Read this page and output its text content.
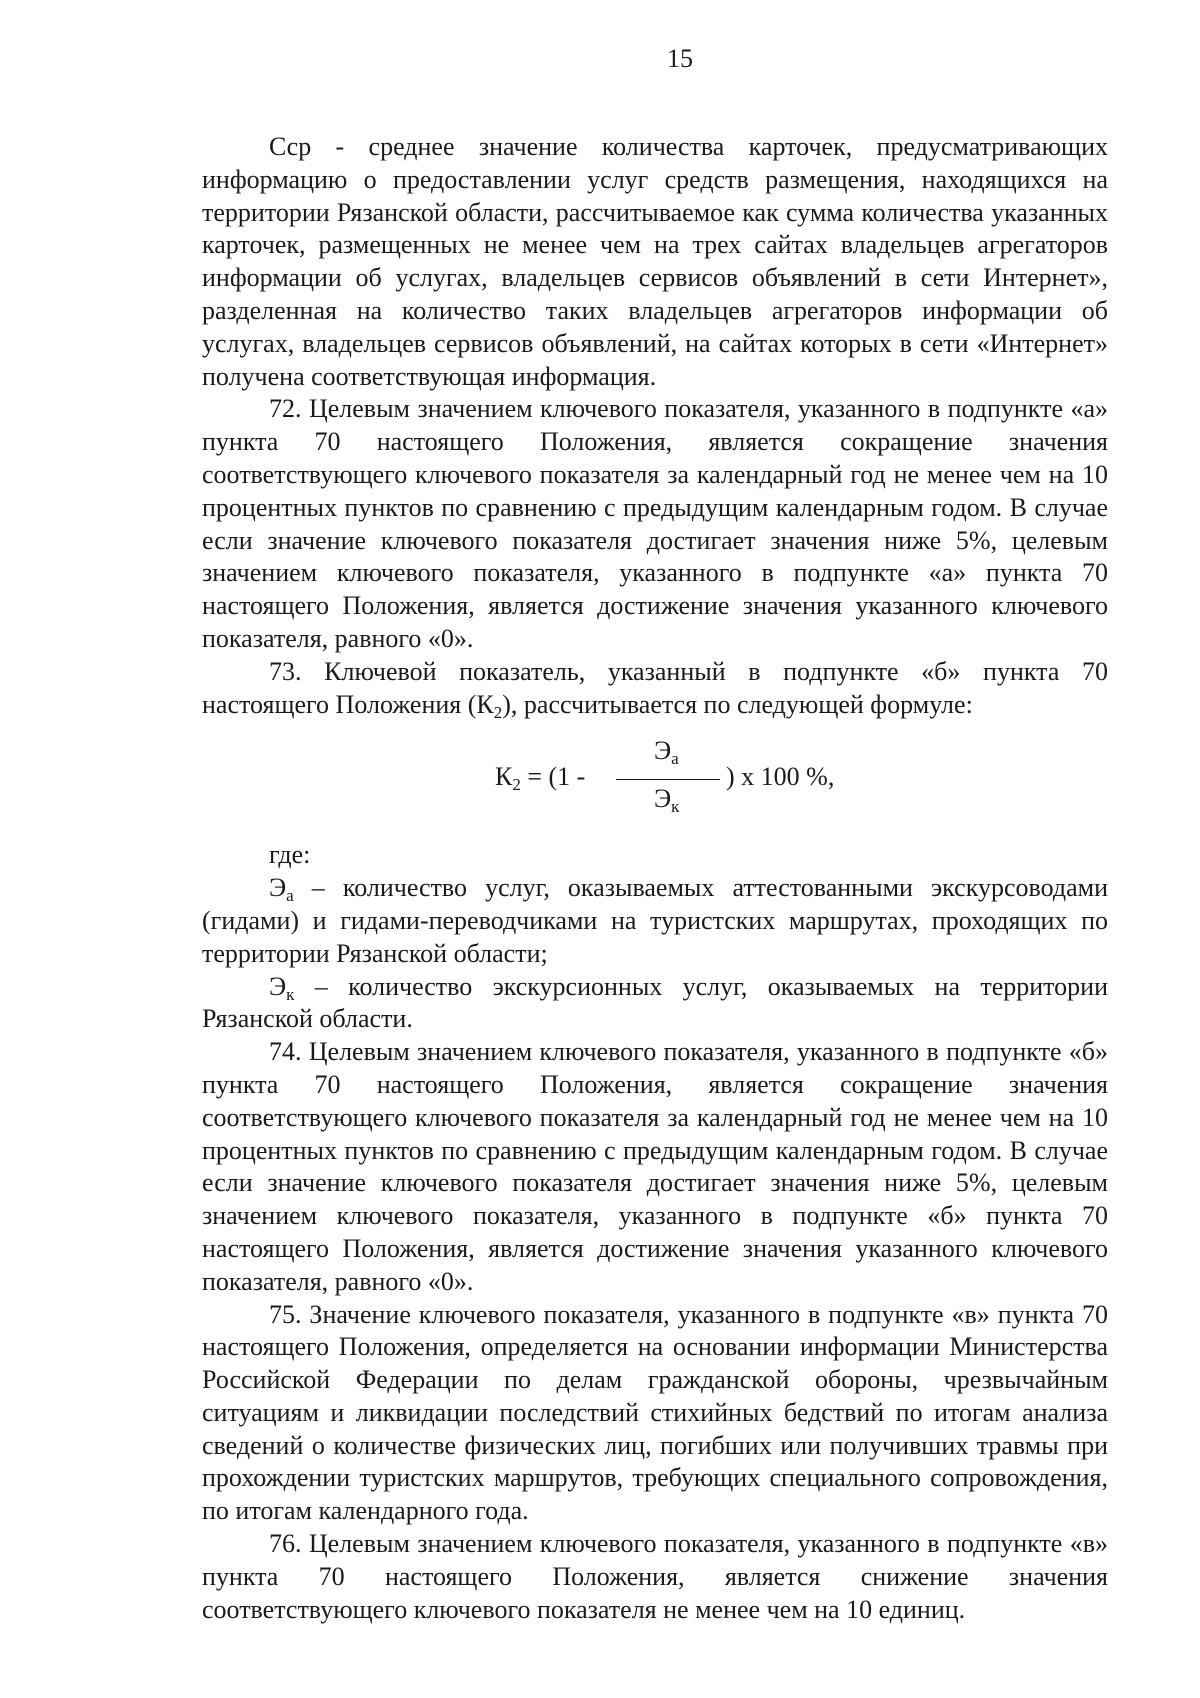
15

Сср - среднее значение количества карточек, предусматривающих информацию о предоставлении услуг средств размещения, находящихся на территории Рязанской области, рассчитываемое как сумма количества указанных карточек, размещенных не менее чем на трех сайтах владельцев агрегаторов информации об услугах, владельцев сервисов объявлений в сети Интернет», разделенная на количество таких владельцев агрегаторов информации об услугах, владельцев сервисов объявлений, на сайтах которых в сети «Интернет» получена соответствующая информация.

72. Целевым значением ключевого показателя, указанного в подпункте «а» пункта 70 настоящего Положения, является сокращение значения соответствующего ключевого показателя за календарный год не менее чем на 10 процентных пунктов по сравнению с предыдущим календарным годом. В случае если значение ключевого показателя достигает значения ниже 5%, целевым значением ключевого показателя, указанного в подпункте «а» пункта 70 настоящего Положения, является достижение значения указанного ключевого показателя, равного «0».

73. Ключевой показатель, указанный в подпункте «б» пункта 70 настоящего Положения $(К_2)$, рассчитывается по следующей формуле:

$К_2 = (1$ -
$Э_а$
$Э_к$
) х 100 %,

где:

$Э_а$ – количество услуг, оказываемых аттестованными экскурсоводами (гидами) и гидами-переводчиками на туристских маршрутах, проходящих по территории Рязанской области;

$Э_к$ – количество экскурсионных услуг, оказываемых на территории Рязанской области.

74. Целевым значением ключевого показателя, указанного в подпункте «б» пункта 70 настоящего Положения, является сокращение значения соответствующего ключевого показателя за календарный год не менее чем на 10 процентных пунктов по сравнению с предыдущим календарным годом. В случае если значение ключевого показателя достигает значения ниже 5%, целевым значением ключевого показателя, указанного в подпункте «б» пункта 70 настоящего Положения, является достижение значения указанного ключевого показателя, равного «0».

75. Значение ключевого показателя, указанного в подпункте «в» пункта 70 настоящего Положения, определяется на основании информации Министерства Российской Федерации по делам гражданской обороны, чрезвычайным ситуациям и ликвидации последствий стихийных бедствий по итогам анализа сведений о количестве физических лиц, погибших или получивших травмы при прохождении туристских маршрутов, требующих специального сопровождения, по итогам календарного года.

76. Целевым значением ключевого показателя, указанного в подпункте «в» пункта 70 настоящего Положения, является снижение значения соответствующего ключевого показателя не менее чем на 10 единиц.
